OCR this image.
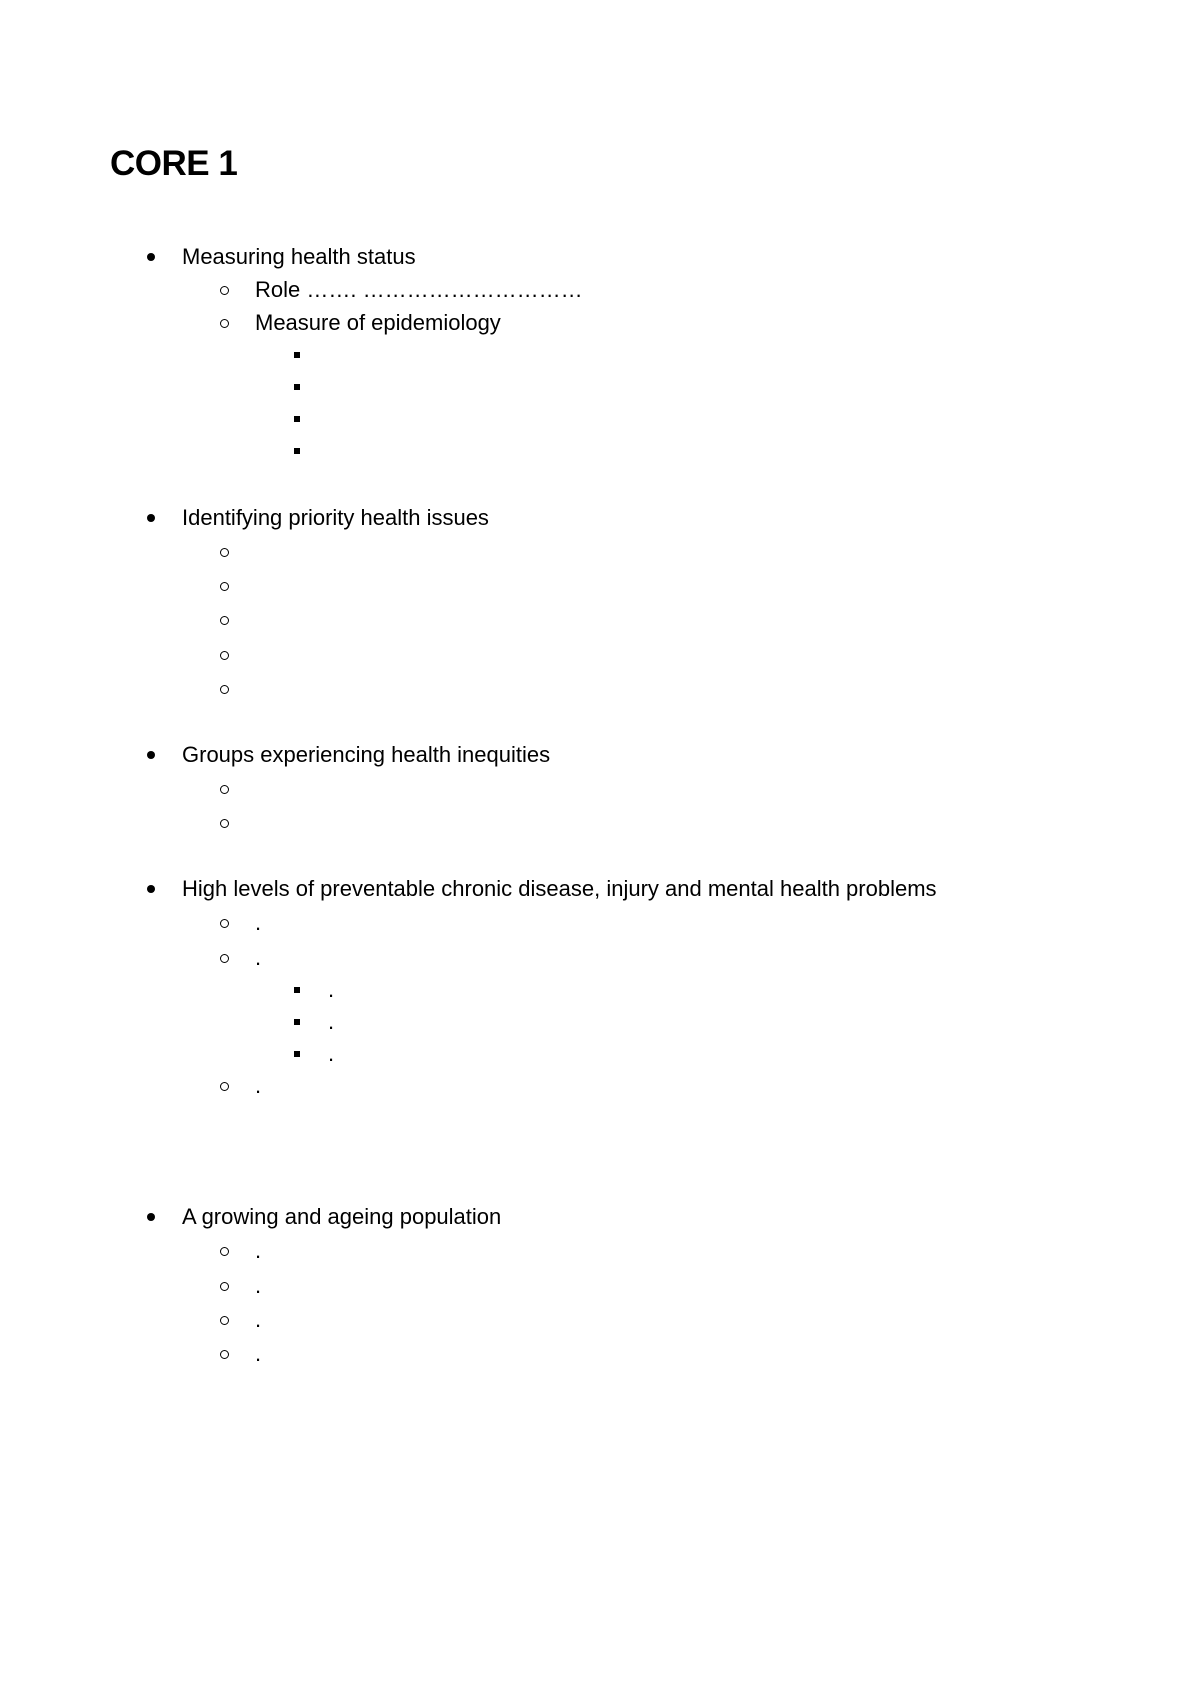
CORE 1
Measuring health status
Role ……. …………………………
Measure of epidemiology
Identifying priority health issues
Groups experiencing health inequities
High levels of preventable chronic disease, injury and mental health problems
.
.
.
.
.
.
A growing and ageing population
.
.
.
.
